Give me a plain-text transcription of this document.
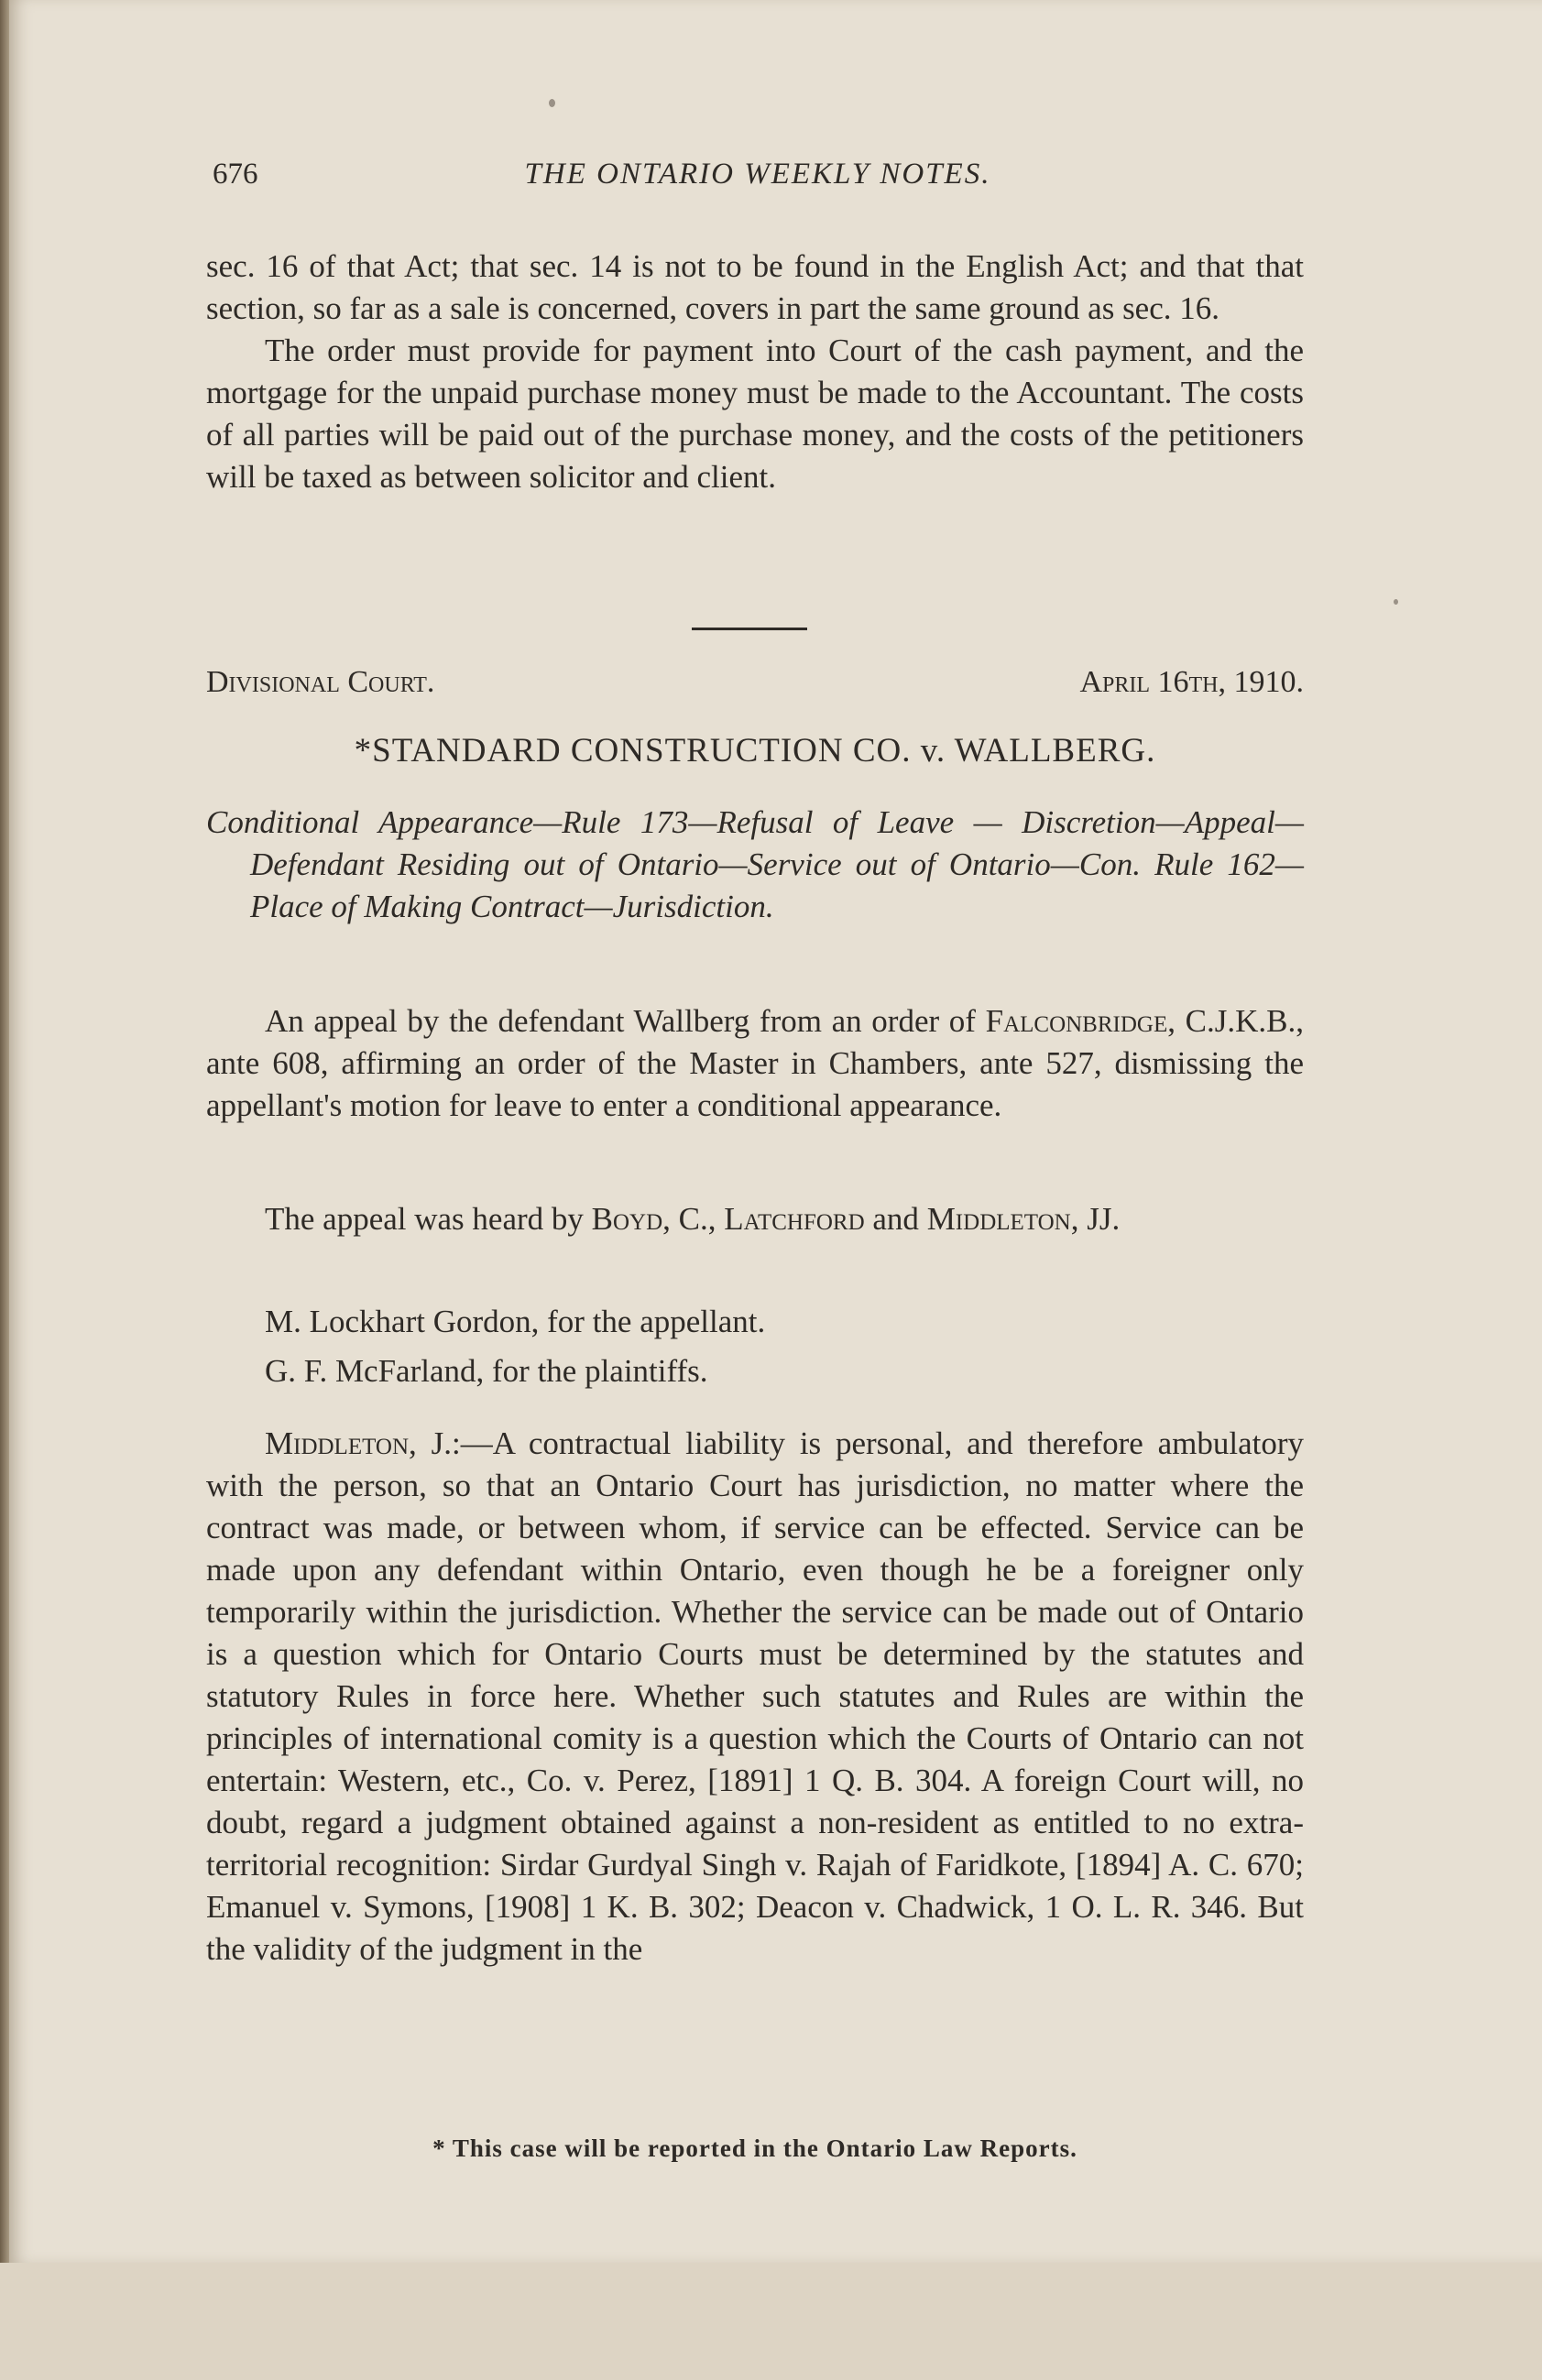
676	THE ONTARIO WEEKLY NOTES.

sec. 16 of that Act; that sec. 14 is not to be found in the English Act; and that that section, so far as a sale is concerned, covers in part the same ground as sec. 16.

The order must provide for payment into Court of the cash payment, and the mortgage for the unpaid purchase money must be made to the Accountant. The costs of all parties will be paid out of the purchase money, and the costs of the petitioners will be taxed as between solicitor and client.

Divisional Court.	April 16th, 1910.
*STANDARD CONSTRUCTION CO. v. WALLBERG.
Conditional Appearance—Rule 173—Refusal of Leave — Discretion—Appeal—Defendant Residing out of Ontario—Service out of Ontario—Con. Rule 162—Place of Making Contract—Jurisdiction.

An appeal by the defendant Wallberg from an order of Falconbridge, C.J.K.B., ante 608, affirming an order of the Master in Chambers, ante 527, dismissing the appellant's motion for leave to enter a conditional appearance.

The appeal was heard by Boyd, C., Latchford and Middleton, JJ.

M. Lockhart Gordon, for the appellant.

G. F. McFarland, for the plaintiffs.

Middleton, J.:—A contractual liability is personal, and therefore ambulatory with the person, so that an Ontario Court has jurisdiction, no matter where the contract was made, or between whom, if service can be effected. Service can be made upon any defendant within Ontario, even though he be a foreigner only temporarily within the jurisdiction. Whether the service can be made out of Ontario is a question which for Ontario Courts must be determined by the statutes and statutory Rules in force here. Whether such statutes and Rules are within the principles of international comity is a question which the Courts of Ontario can not entertain: Western, etc., Co. v. Perez, [1891] 1 Q. B. 304. A foreign Court will, no doubt, regard a judgment obtained against a non-resident as entitled to no extra-territorial recognition: Sirdar Gurdyal Singh v. Rajah of Faridkote, [1894] A. C. 670; Emanuel v. Symons, [1908] 1 K. B. 302; Deacon v. Chadwick, 1 O. L. R. 346. But the validity of the judgment in the

* This case will be reported in the Ontario Law Reports.
